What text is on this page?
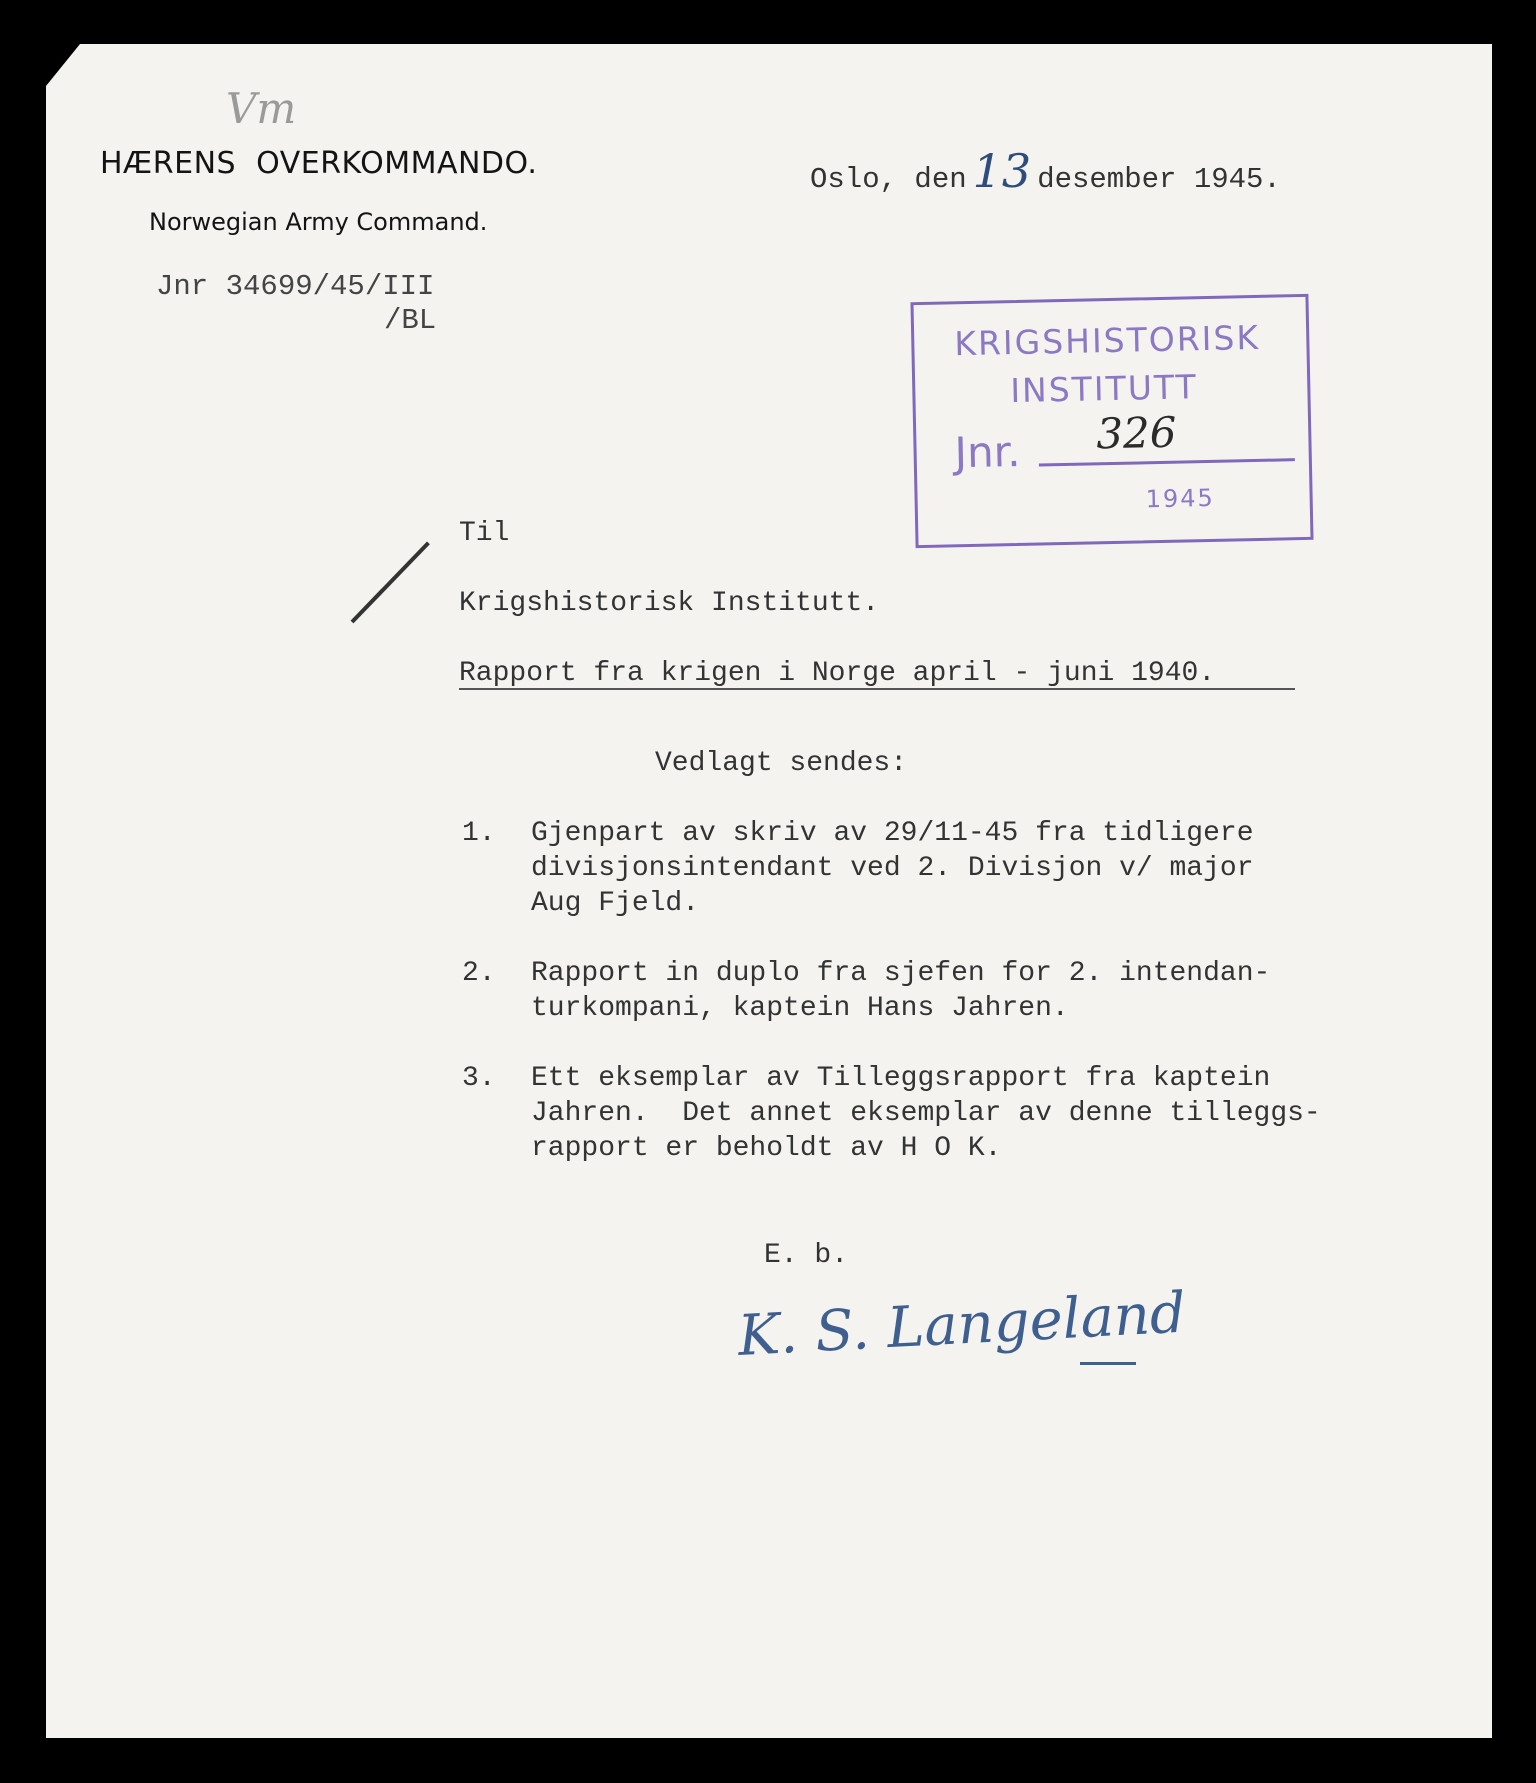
Vm
HÆRENS  OVERKOMMANDO.
Norwegian Army Command.
Jnr 34699/45/III
/BL
Oslo, den 13 desember 1945.
KRIGSHISTORISK
INSTITUTT
Jnr. 326
1945
Til
Krigshistorisk Institutt.
Rapport fra krigen i Norge april - juni 1940.
Vedlagt sendes:
1. Gjenpart av skriv av 29/11-45 fra tidligere
divisjonsintendant ved 2. Divisjon v/ major
Aug Fjeld.
2. Rapport in duplo fra sjefen for 2. intendan-
turkompani, kaptein Hans Jahren.
3. Ett eksemplar av Tilleggsrapport fra kaptein
Jahren.  Det annet eksemplar av denne tilleggs-
rapport er beholdt av H O K.
E. b.
K. S. Langeland
